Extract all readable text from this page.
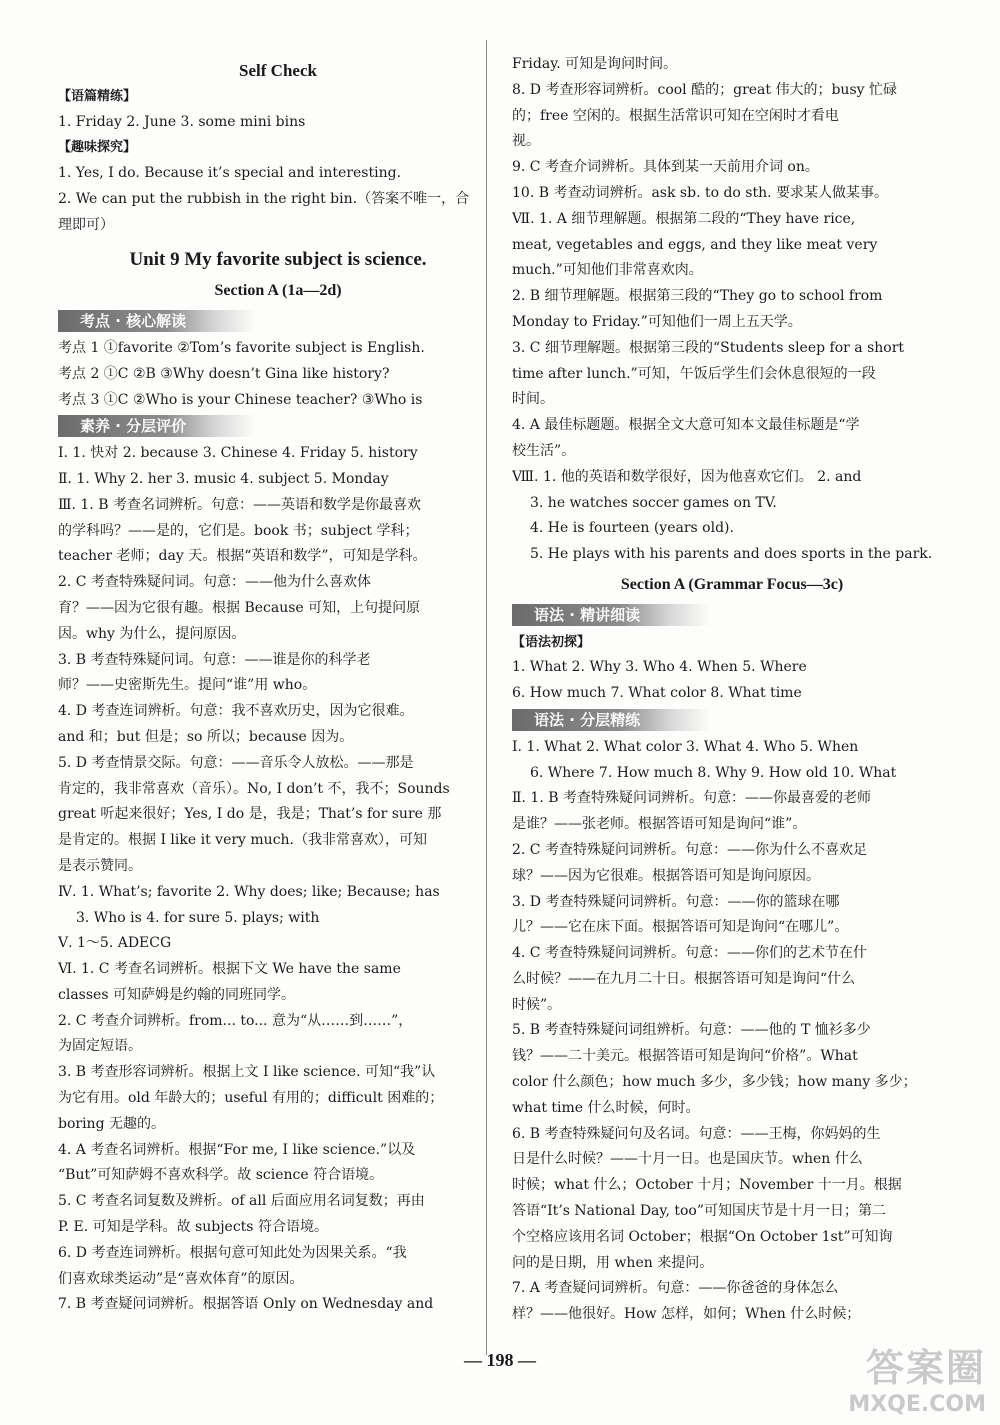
Self Check
【语篇精练】
1. Friday 2. June 3. some mini bins
【趣味探究】
1. Yes, I do. Because it’s special and interesting.
2. We can put the rubbish in the right bin.（答案不唯一，合
理即可）
Unit 9 My favorite subject is science.
Section A (1a—2d)
考点 · 核心解读
考点 1 ①favorite ②Tom’s favorite subject is English.
考点 2 ①C ②B ③Why doesn’t Gina like history?
考点 3 ①C ②Who is your Chinese teacher? ③Who is
素养 · 分层评价
Ⅰ. 1. 快对 2. because 3. Chinese 4. Friday 5. history
Ⅱ. 1. Why 2. her 3. music 4. subject 5. Monday
Ⅲ. 1. B 考查名词辨析。句意：——英语和数学是你最喜欢
的学科吗？——是的，它们是。book 书；subject 学科；
teacher 老师；day 天。根据“英语和数学”，可知是学科。
2. C 考查特殊疑问词。句意：——他为什么喜欢体
育？——因为它很有趣。根据 Because 可知，上句提问原
因。why 为什么，提问原因。
3. B 考查特殊疑问词。句意：——谁是你的科学老
师？——史密斯先生。提问“谁”用 who。
4. D 考查连词辨析。句意：我不喜欢历史，因为它很难。
and 和；but 但是；so 所以；because 因为。
5. D 考查情景交际。句意：——音乐令人放松。——那是
肯定的，我非常喜欢（音乐）。No, I don’t 不，我不；Sounds
great 听起来很好；Yes, I do 是，我是；That’s for sure 那
是肯定的。根据 I like it very much.（我非常喜欢），可知
是表示赞同。
Ⅳ. 1. What’s; favorite 2. Why does; like; Because; has
3. Who is 4. for sure 5. plays; with
Ⅴ. 1～5. ADECG
Ⅵ. 1. C 考查名词辨析。根据下文 We have the same
classes 可知萨姆是约翰的同班同学。
2. C 考查介词辨析。from... to... 意为“从……到……”，
为固定短语。
3. B 考查形容词辨析。根据上文 I like science. 可知“我”认
为它有用。old 年龄大的；useful 有用的；difficult 困难的；
boring 无趣的。
4. A 考查名词辨析。根据“For me, I like science.”以及
“But”可知萨姆不喜欢科学。故 science 符合语境。
5. C 考查名词复数及辨析。of all 后面应用名词复数；再由
P. E. 可知是学科。故 subjects 符合语境。
6. D 考查连词辨析。根据句意可知此处为因果关系。“我
们喜欢球类运动”是“喜欢体育”的原因。
7. B 考查疑问词辨析。根据答语 Only on Wednesday and
Friday. 可知是询问时间。
8. D 考查形容词辨析。cool 酷的；great 伟大的；busy 忙碌
的；free 空闲的。根据生活常识可知在空闲时才看电
视。
9. C 考查介词辨析。具体到某一天前用介词 on。
10. B 考查动词辨析。ask sb. to do sth. 要求某人做某事。
Ⅶ. 1. A 细节理解题。根据第二段的“They have rice,
meat, vegetables and eggs, and they like meat very
much.”可知他们非常喜欢肉。
2. B 细节理解题。根据第三段的“They go to school from
Monday to Friday.”可知他们一周上五天学。
3. C 细节理解题。根据第三段的“Students sleep for a short
time after lunch.”可知，午饭后学生们会休息很短的一段
时间。
4. A 最佳标题题。根据全文大意可知本文最佳标题是“学
校生活”。
Ⅷ. 1. 他的英语和数学很好，因为他喜欢它们。 2. and
3. he watches soccer games on TV.
4. He is fourteen (years old).
5. He plays with his parents and does sports in the park.
Section A (Grammar Focus—3c)
语法 · 精讲细读
【语法初探】
1. What 2. Why 3. Who 4. When 5. Where
6. How much 7. What color 8. What time
语法 · 分层精练
Ⅰ. 1. What 2. What color 3. What 4. Who 5. When
6. Where 7. How much 8. Why 9. How old 10. What
Ⅱ. 1. B 考查特殊疑问词辨析。句意：——你最喜爱的老师
是谁？——张老师。根据答语可知是询问“谁”。
2. C 考查特殊疑问词辨析。句意：——你为什么不喜欢足
球？——因为它很难。根据答语可知是询问原因。
3. D 考查特殊疑问词辨析。句意：——你的篮球在哪
儿？——它在床下面。根据答语可知是询问“在哪儿”。
4. C 考查特殊疑问词辨析。句意：——你们的艺术节在什
么时候？——在九月二十日。根据答语可知是询问“什么
时候”。
5. B 考查特殊疑问词组辨析。句意：——他的 T 恤衫多少
钱？——二十美元。根据答语可知是询问“价格”。What
color 什么颜色；how much 多少，多少钱；how many 多少；
what time 什么时候，何时。
6. B 考查特殊疑问句及名词。句意：——王梅，你妈妈的生
日是什么时候？——十月一日。也是国庆节。when 什么
时候；what 什么；October 十月；November 十一月。根据
答语“It’s National Day, too”可知国庆节是十月一日；第二
个空格应该用名词 October；根据“On October 1st”可知询
问的是日期，用 when 来提问。
7. A 考查疑问词辨析。句意：——你爸爸的身体怎么
样？——他很好。How 怎样，如何；When 什么时候；
— 198 —	答案圈
MXQE.COM
